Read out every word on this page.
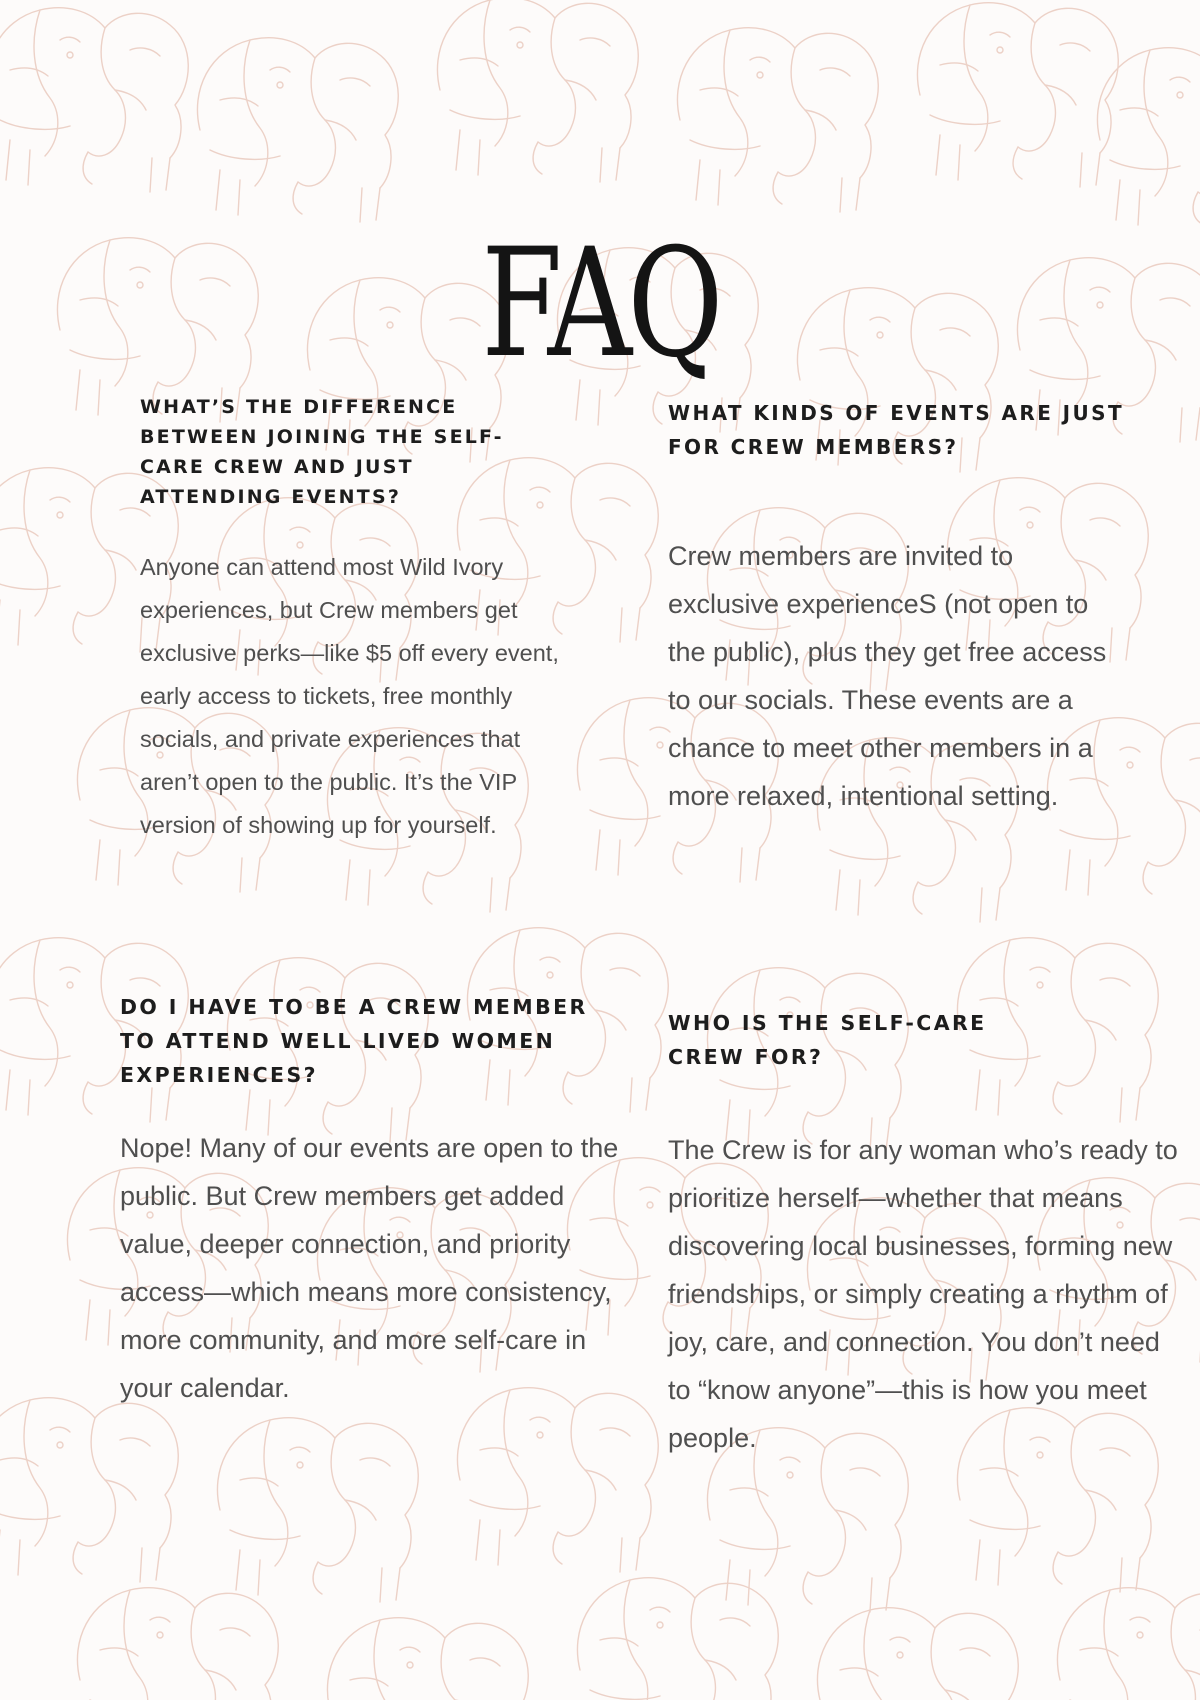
FAQ
WHAT’S THE DIFFERENCE BETWEEN JOINING THE SELF-CARE CREW AND JUST ATTENDING EVENTS?

Anyone can attend most Wild Ivory experiences, but Crew members get exclusive perks—like $5 off every event, early access to tickets, free monthly socials, and private experiences that aren’t open to the public. It’s the VIP version of showing up for yourself.

WHAT KINDS OF EVENTS ARE JUST FOR CREW MEMBERS?

Crew members are invited to exclusive experienceS (not open to the public), plus they get free access to our socials. These events are a chance to meet other members in a more relaxed, intentional setting.

DO I HAVE TO BE A CREW MEMBER TO ATTEND WELL LIVED WOMEN EXPERIENCES?

Nope! Many of our events are open to the public. But Crew members get added value, deeper connection, and priority access—which means more consistency, more community, and more self-care in your calendar.

WHO IS THE SELF-CARE CREW FOR?

The Crew is for any woman who’s ready to prioritize herself—whether that means discovering local businesses, forming new friendships, or simply creating a rhythm of joy, care, and connection. You don’t need to “know anyone”—this is how you meet people.
